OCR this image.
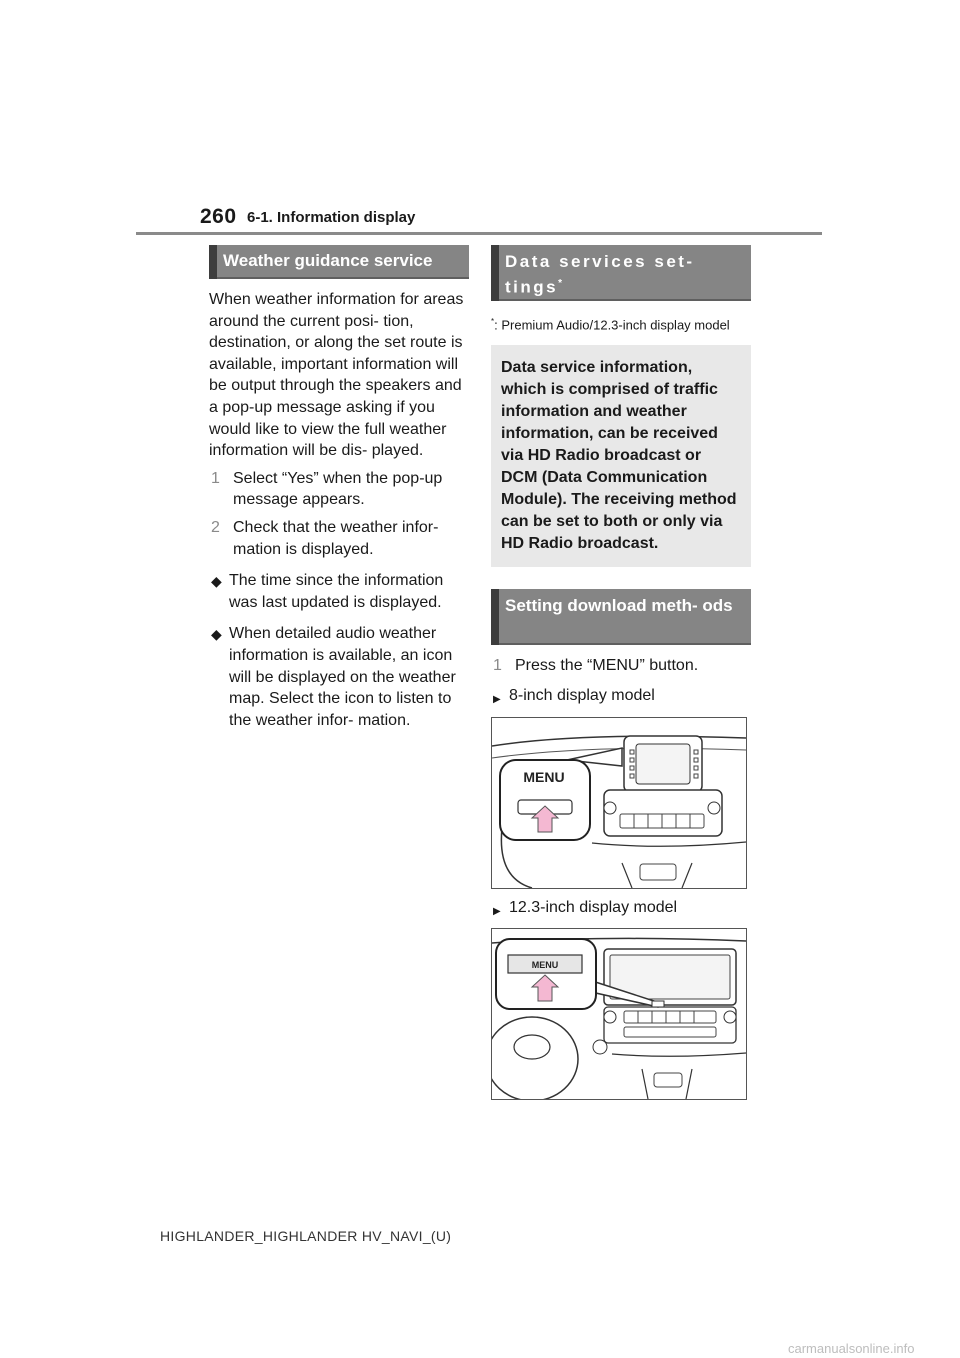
260 6-1. Information display
Weather guidance service
When weather information for areas around the current posi- tion, destination, or along the set route is available, important information will be output through the speakers and a pop-up message asking if you would like to view the full weather information will be dis- played.
1 Select “Yes” when the pop-up message appears.
2 Check that the weather infor- mation is displayed.
◆ The time since the information was last updated is displayed.
◆ When detailed audio weather information is available, an icon will be displayed on the weather map. Select the icon to listen to the weather infor- mation.
Data services set- tings*
*: Premium Audio/12.3-inch display model
Data service information, which is comprised of traffic information and weather information, can be received via HD Radio broadcast or DCM (Data Communication Module). The receiving method can be set to both or only via HD Radio broadcast.
Setting download meth- ods
1 Press the “MENU” button.
▶ 8-inch display model
MENU
▶ 12.3-inch display model
MENU
HIGHLANDER_HIGHLANDER HV_NAVI_(U)
carmanualsonline.info
